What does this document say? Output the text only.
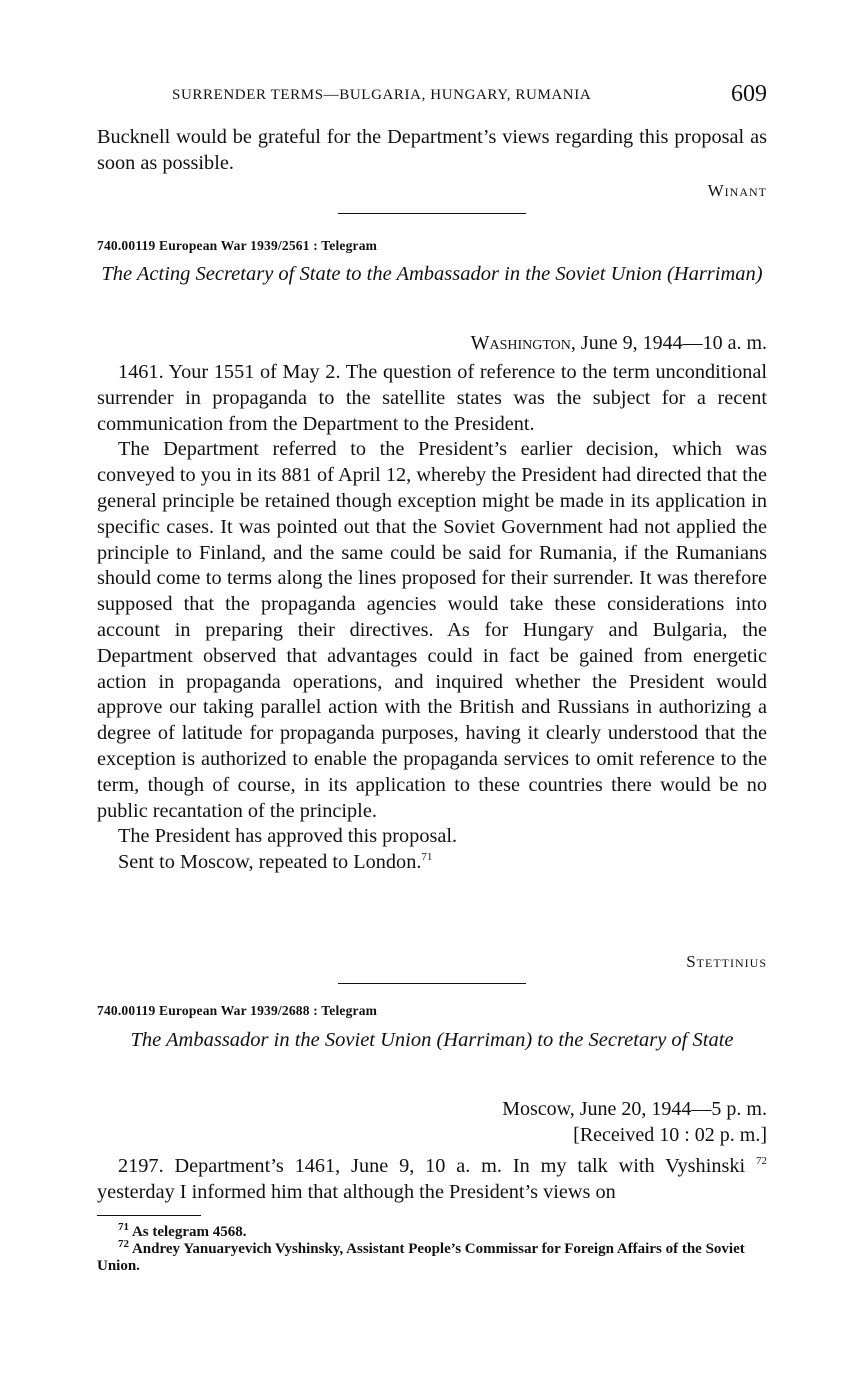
SURRENDER TERMS—BULGARIA, HUNGARY, RUMANIA	609

Bucknell would be grateful for the Department’s views regarding this proposal as soon as possible.

Winant
740.00119 European War 1939/2561 : Telegram
The Acting Secretary of State to the Ambassador in the Soviet Union (Harriman)
Washington, June 9, 1944—10 a. m.

1461. Your 1551 of May 2. The question of reference to the term unconditional surrender in propaganda to the satellite states was the subject for a recent communication from the Department to the President.

The Department referred to the President’s earlier decision, which was conveyed to you in its 881 of April 12, whereby the President had directed that the general principle be retained though exception might be made in its application in specific cases. It was pointed out that the Soviet Government had not applied the principle to Finland, and the same could be said for Rumania, if the Rumanians should come to terms along the lines proposed for their surrender. It was therefore supposed that the propaganda agencies would take these considerations into account in preparing their directives. As for Hungary and Bulgaria, the Department observed that advantages could in fact be gained from energetic action in propaganda operations, and inquired whether the President would approve our taking parallel action with the British and Russians in authorizing a degree of latitude for propaganda purposes, having it clearly understood that the exception is authorized to enable the propaganda services to omit reference to the term, though of course, in its application to these countries there would be no public recantation of the principle.

The President has approved this proposal.

Sent to Moscow, repeated to London.$^{71}$

Stettinius
740.00119 European War 1939/2688 : Telegram
The Ambassador in the Soviet Union (Harriman) to the Secretary of State
Moscow, June 20, 1944—5 p. m.
[Received 10 : 02 p. m.]

2197. Department’s 1461, June 9, 10 a. m. In my talk with Vyshinski $^{72}$ yesterday I informed him that although the President’s views on

$^{71}$ As telegram 4568.

$^{72}$ Andrey Yanuaryevich Vyshinsky, Assistant People’s Commissar for Foreign Affairs of the Soviet Union.
